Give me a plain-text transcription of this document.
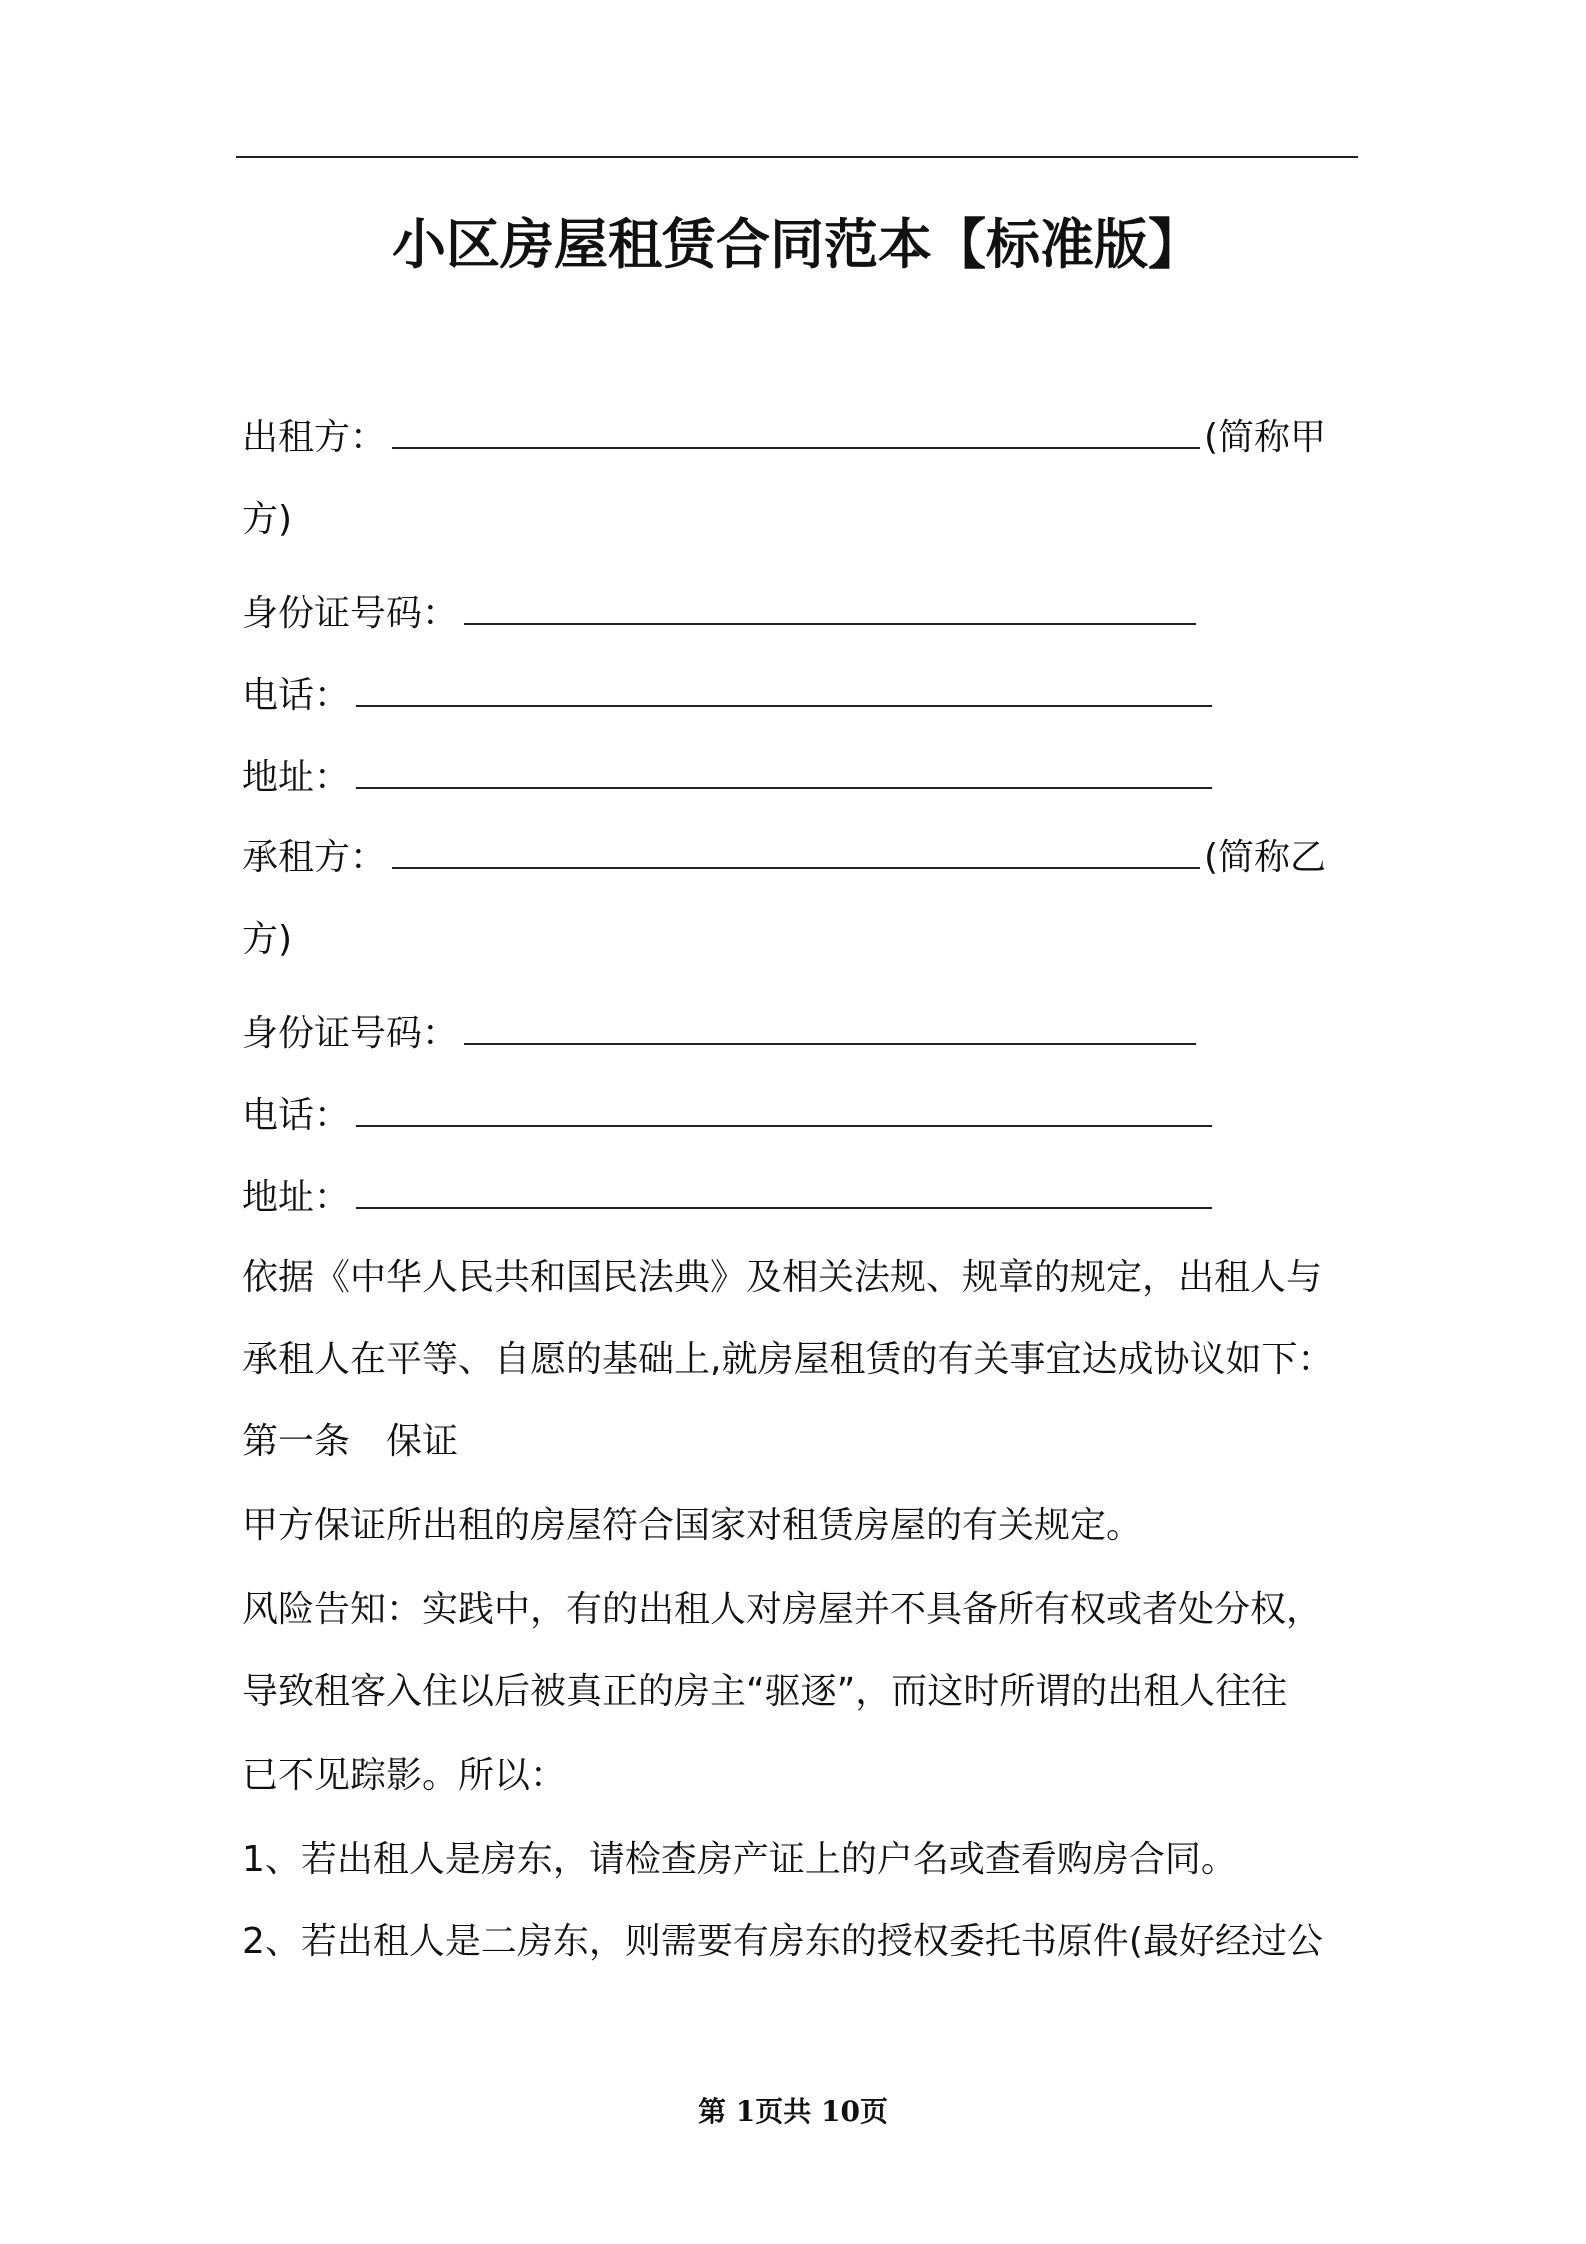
小区房屋租赁合同范本【标准版】
出租方：	(简称甲
方)
身份证号码：
电话：
地址：
承租方：	(简称乙
方)
身份证号码：
电话：
地址：
依据《中华人民共和国民法典》及相关法规、规章的规定，出租人与
承租人在平等、自愿的基础上,就房屋租赁的有关事宜达成协议如下：
第一条 保证
甲方保证所出租的房屋符合国家对租赁房屋的有关规定。
风险告知：实践中，有的出租人对房屋并不具备所有权或者处分权，
导致租客入住以后被真正的房主“驱逐”，而这时所谓的出租人往往
已不见踪影。所以：
1、若出租人是房东，请检查房产证上的户名或查看购房合同。
2、若出租人是二房东，则需要有房东的授权委托书原件(最好经过公
第 1页共 10页
